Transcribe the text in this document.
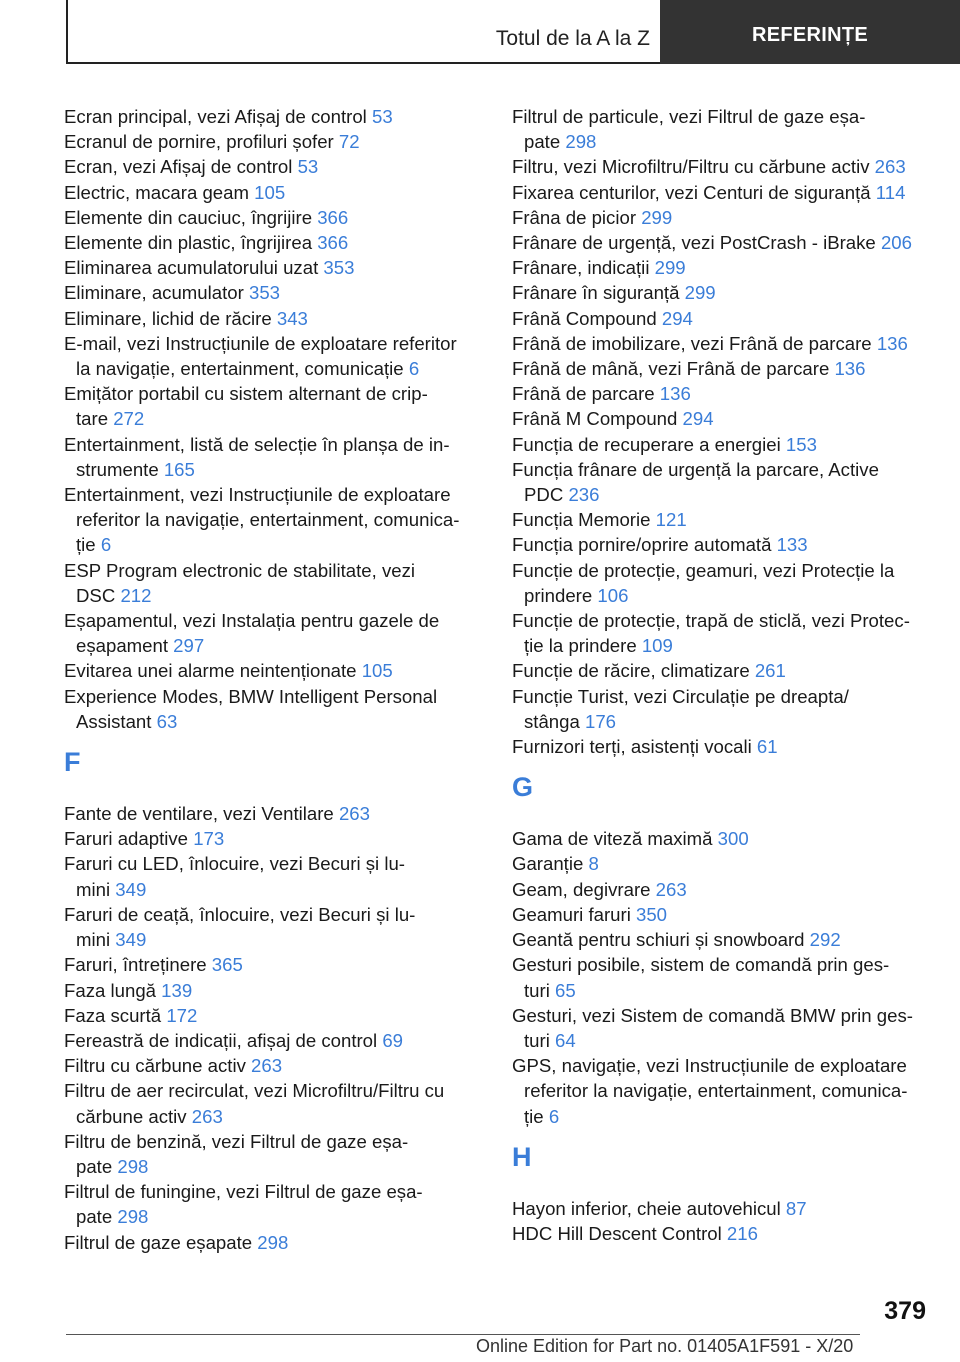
Totul de la A la Z	REFERINȚE
Ecran principal, vezi Afișaj de control 53
Ecranul de pornire, profiluri șofer 72
Ecran, vezi Afișaj de control 53
Electric, macara geam 105
Elemente din cauciuc, îngrijire 366
Elemente din plastic, îngrijirea 366
Eliminarea acumulatorului uzat 353
Eliminare, acumulator 353
Eliminare, lichid de răcire 343
E-mail, vezi Instrucțiunile de exploatare referitor
la navigație, entertainment, comunicație 6
Emițător portabil cu sistem alternant de crip-
tare 272
Entertainment, listă de selecție în planșa de in-
strumente 165
Entertainment, vezi Instrucțiunile de exploatare
referitor la navigație, entertainment, comunica-
ție 6
ESP Program electronic de stabilitate, vezi
DSC 212
Eșapamentul, vezi Instalația pentru gazele de
eșapament 297
Evitarea unei alarme neintenționate 105
Experience Modes, BMW Intelligent Personal
Assistant 63
F
Fante de ventilare, vezi Ventilare 263
Faruri adaptive 173
Faruri cu LED, înlocuire, vezi Becuri și lu-
mini 349
Faruri de ceață, înlocuire, vezi Becuri și lu-
mini 349
Faruri, întreținere 365
Faza lungă 139
Faza scurtă 172
Fereastră de indicații, afișaj de control 69
Filtru cu cărbune activ 263
Filtru de aer recirculat, vezi Microfiltru/Filtru cu
cărbune activ 263
Filtru de benzină, vezi Filtrul de gaze eșa-
pate 298
Filtrul de funingine, vezi Filtrul de gaze eșa-
pate 298
Filtrul de gaze eșapate 298
Filtrul de particule, vezi Filtrul de gaze eșa-
pate 298
Filtru, vezi Microfiltru/Filtru cu cărbune activ 263
Fixarea centurilor, vezi Centuri de siguranță 114
Frâna de picior 299
Frânare de urgență, vezi PostCrash - iBrake 206
Frânare, indicații 299
Frânare în siguranță 299
Frână Compound 294
Frână de imobilizare, vezi Frână de parcare 136
Frână de mână, vezi Frână de parcare 136
Frână de parcare 136
Frână M Compound 294
Funcția de recuperare a energiei 153
Funcția frânare de urgență la parcare, Active
PDC 236
Funcția Memorie 121
Funcția pornire/oprire automată 133
Funcție de protecție, geamuri, vezi Protecție la
prindere 106
Funcție de protecție, trapă de sticlă, vezi Protec-
ție la prindere 109
Funcție de răcire, climatizare 261
Funcție Turist, vezi Circulație pe dreapta/
stânga 176
Furnizori terți, asistenți vocali 61
G
Gama de viteză maximă 300
Garanție 8
Geam, degivrare 263
Geamuri faruri 350
Geantă pentru schiuri și snowboard 292
Gesturi posibile, sistem de comandă prin ges-
turi 65
Gesturi, vezi Sistem de comandă BMW prin ges-
turi 64
GPS, navigație, vezi Instrucțiunile de exploatare
referitor la navigație, entertainment, comunica-
ție 6
H
Hayon inferior, cheie autovehicul 87
HDC Hill Descent Control 216
379
Online Edition for Part no. 01405A1F591 - X/20
